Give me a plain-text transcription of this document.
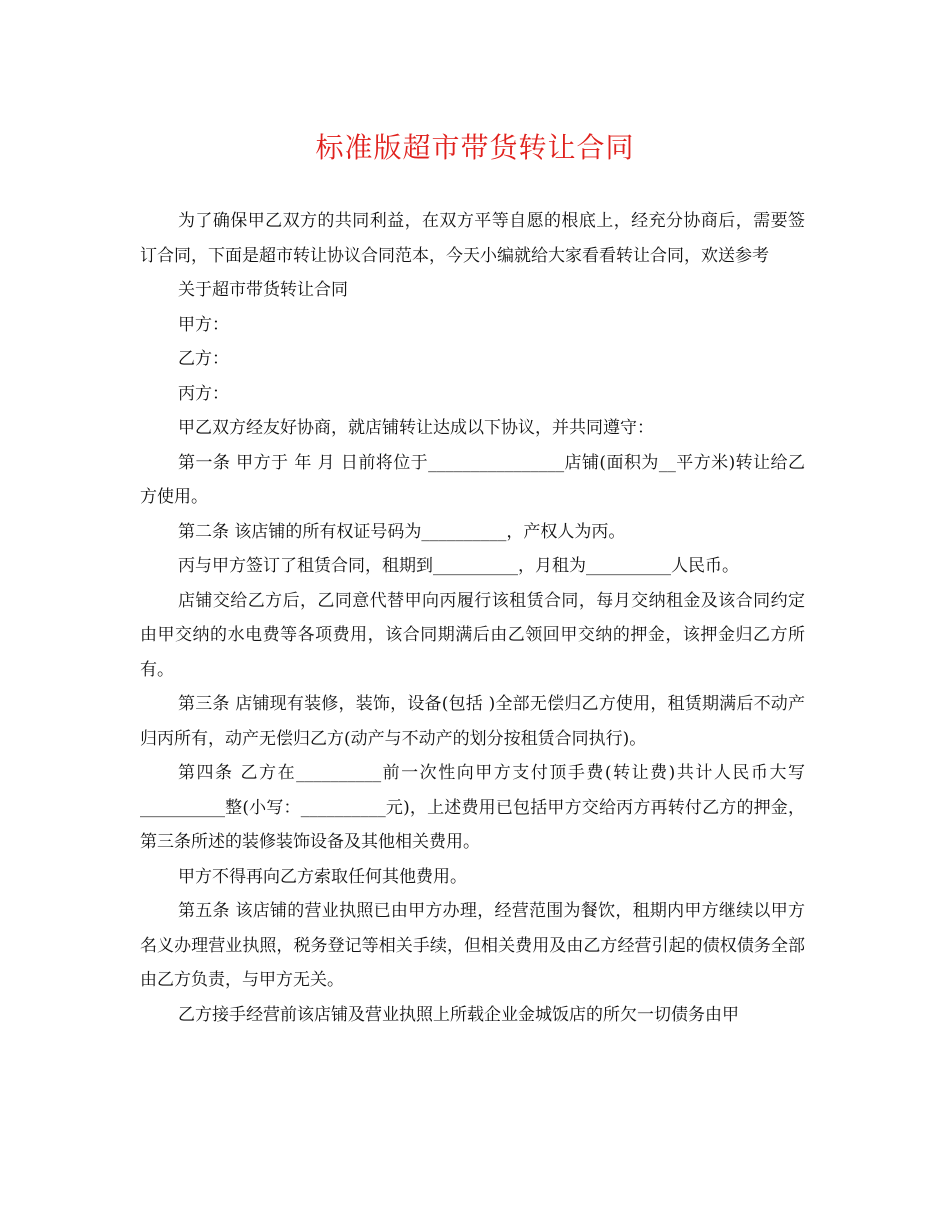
标准版超市带货转让合同

为了确保甲乙双方的共同利益，在双方平等自愿的根底上，经充分协商后，需要签订合同，下面是超市转让协议合同范本，今天小编就给大家看看转让合同，欢送参考

关于超市带货转让合同

甲方：

乙方：

丙方：

甲乙双方经友好协商，就店铺转让达成以下协议，并共同遵守：

第一条 甲方于 年 月 日前将位于________________店铺(面积为__平方米)转让给乙方使用。

第二条 该店铺的所有权证号码为__________，产权人为丙。

丙与甲方签订了租赁合同，租期到__________，月租为__________人民币。

店铺交给乙方后，乙同意代替甲向丙履行该租赁合同，每月交纳租金及该合同约定由甲交纳的水电费等各项费用，该合同期满后由乙领回甲交纳的押金，该押金归乙方所有。

第三条 店铺现有装修，装饰，设备(包括 )全部无偿归乙方使用，租赁期满后不动产归丙所有，动产无偿归乙方(动产与不动产的划分按租赁合同执行)。

第四条 乙方在__________前一次性向甲方支付顶手费(转让费)共计人民币大写__________整(小写：__________元)，上述费用已包括甲方交给丙方再转付乙方的押金，第三条所述的装修装饰设备及其他相关费用。

甲方不得再向乙方索取任何其他费用。

第五条 该店铺的营业执照已由甲方办理，经营范围为餐饮，租期内甲方继续以甲方名义办理营业执照，税务登记等相关手续，但相关费用及由乙方经营引起的债权债务全部由乙方负责，与甲方无关。

乙方接手经营前该店铺及营业执照上所载企业金城饭店的所欠一切债务由甲
